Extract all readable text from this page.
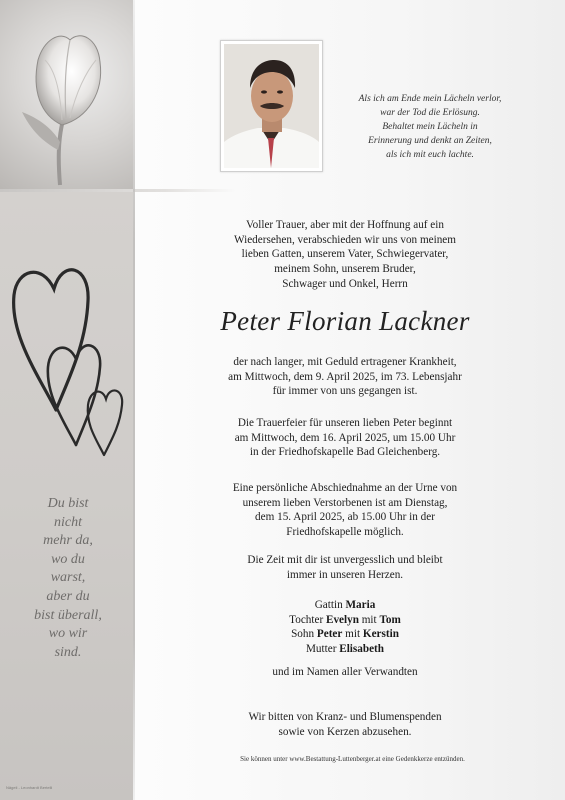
Du bist
nicht
mehr da,
wo du
warst,
aber du
bist überall,
wo wir
sind.
Als ich am Ende mein Lächeln verlor,
war der Tod die Erlösung.
Behaltet mein Lächeln in
Erinnerung und denkt an Zeiten,
als ich mit euch lachte.
Voller Trauer, aber mit der Hoffnung auf ein
Wiedersehen, verabschieden wir uns von meinem
lieben Gatten, unserem Vater, Schwiegervater,
meinem Sohn, unserem Bruder,
Schwager und Onkel, Herrn
Peter Florian Lackner
der nach langer, mit Geduld ertragener Krankheit,
am Mittwoch, dem 9. April 2025, im 73. Lebensjahr
für immer von uns gegangen ist.
Die Trauerfeier für unseren lieben Peter beginnt
am Mittwoch, dem 16. April 2025, um 15.00 Uhr
in der Friedhofskapelle Bad Gleichenberg.
Eine persönliche Abschiednahme an der Urne von
unserem lieben Verstorbenen ist am Dienstag,
dem 15. April 2025, ab 15.00 Uhr in der
Friedhofskapelle möglich.
Die Zeit mit dir ist unvergesslich und bleibt
immer in unseren Herzen.
Gattin Maria
Tochter Evelyn mit Tom
Sohn Peter mit Kerstin
Mutter Elisabeth
und im Namen aller Verwandten
Wir bitten von Kranz- und Blumenspenden
sowie von Kerzen abzusehen.
Sie können unter www.Bestattung-Luttenberger.at eine Gedenkkerze entzünden.
Nägeli - Leonhardt Bertelli
